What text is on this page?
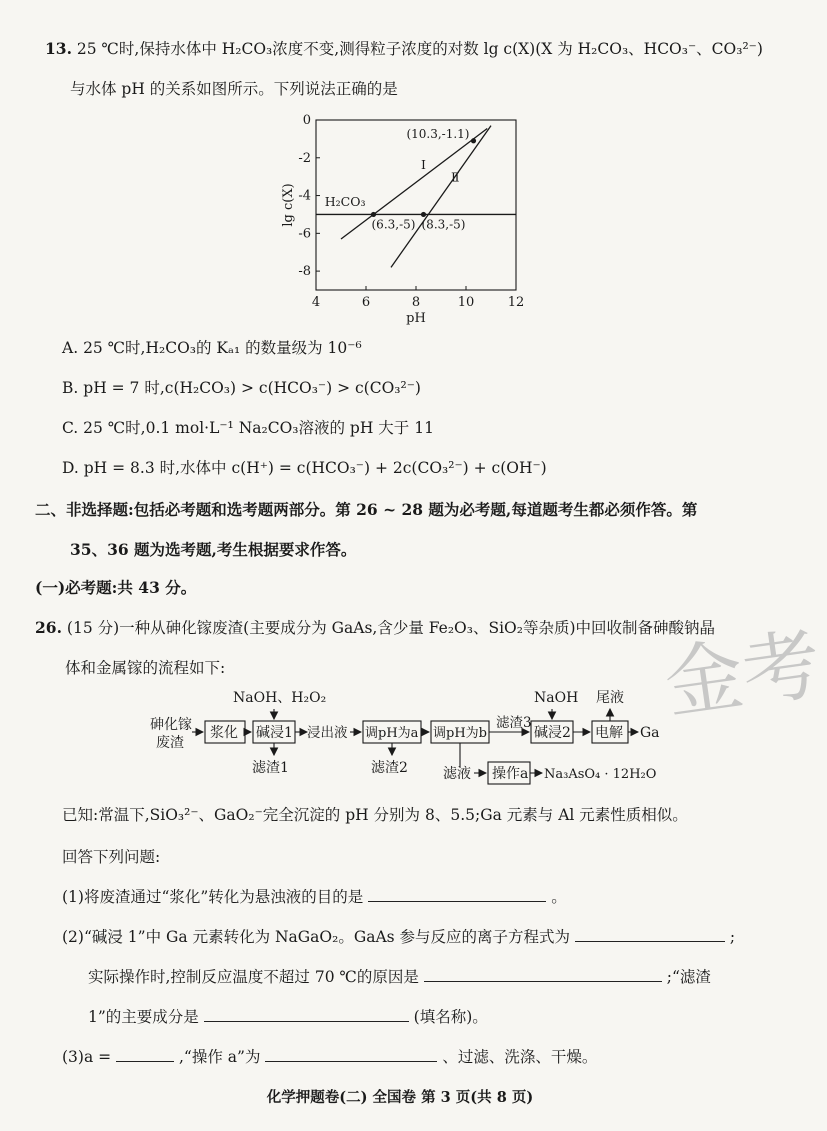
13. 25 ℃时,保持水体中 H₂CO₃浓度不变,测得粒子浓度的对数 lg c(X)(X 为 H₂CO₃、HCO₃⁻、CO₃²⁻)
与水体 pH 的关系如图所示。下列说法正确的是
4	6	8	10	12
0
-2
-4
-6
-8
pH
lg c(X) H₂CO₃
I
Ⅱ
(10.3,-1.1)
(6.3,-5) (8.3,-5)
A. 25 ℃时,H₂CO₃的 Kₐ₁ 的数量级为 10⁻⁶
B. pH = 7 时,c(H₂CO₃) > c(HCO₃⁻) > c(CO₃²⁻)
C. 25 ℃时,0.1 mol·L⁻¹ Na₂CO₃溶液的 pH 大于 11
D. pH = 8.3 时,水体中 c(H⁺) = c(HCO₃⁻) + 2c(CO₃²⁻) + c(OH⁻)
二、非选择题:包括必考题和选考题两部分。第 26 ~ 28 题为必考题,每道题考生都必须作答。第
35、36 题为选考题,考生根据要求作答。
(一)必考题:共 43 分。
26. (15 分)一种从砷化镓废渣(主要成分为 GaAs,含少量 Fe₂O₃、SiO₂等杂质)中回收制备砷酸钠晶
体和金属镓的流程如下:	金考
砷化镓
废渣
浆化 碱浸1
NaOH、H₂O₂
滤渣1
浸出液 调pH为a
滤渣2
调pH为b
滤渣3
滤液 操作a Na₃AsO₄ · 12H₂O
碱浸2
NaOH
电解
尾液
Ga
已知:常温下,SiO₃²⁻、GaO₂⁻完全沉淀的 pH 分别为 8、5.5;Ga 元素与 Al 元素性质相似。
回答下列问题:
(1)将废渣通过“浆化”转化为悬浊液的目的是	。
(2)“碱浸 1”中 Ga 元素转化为 NaGaO₂。GaAs 参与反应的离子方程式为	;
实际操作时,控制反应温度不超过 70 ℃的原因是	;“滤渣
1”的主要成分是	(填名称)。
(3)a =	,“操作 a”为	、过滤、洗涤、干燥。
化学押题卷(二) 全国卷 第 3 页(共 8 页)
